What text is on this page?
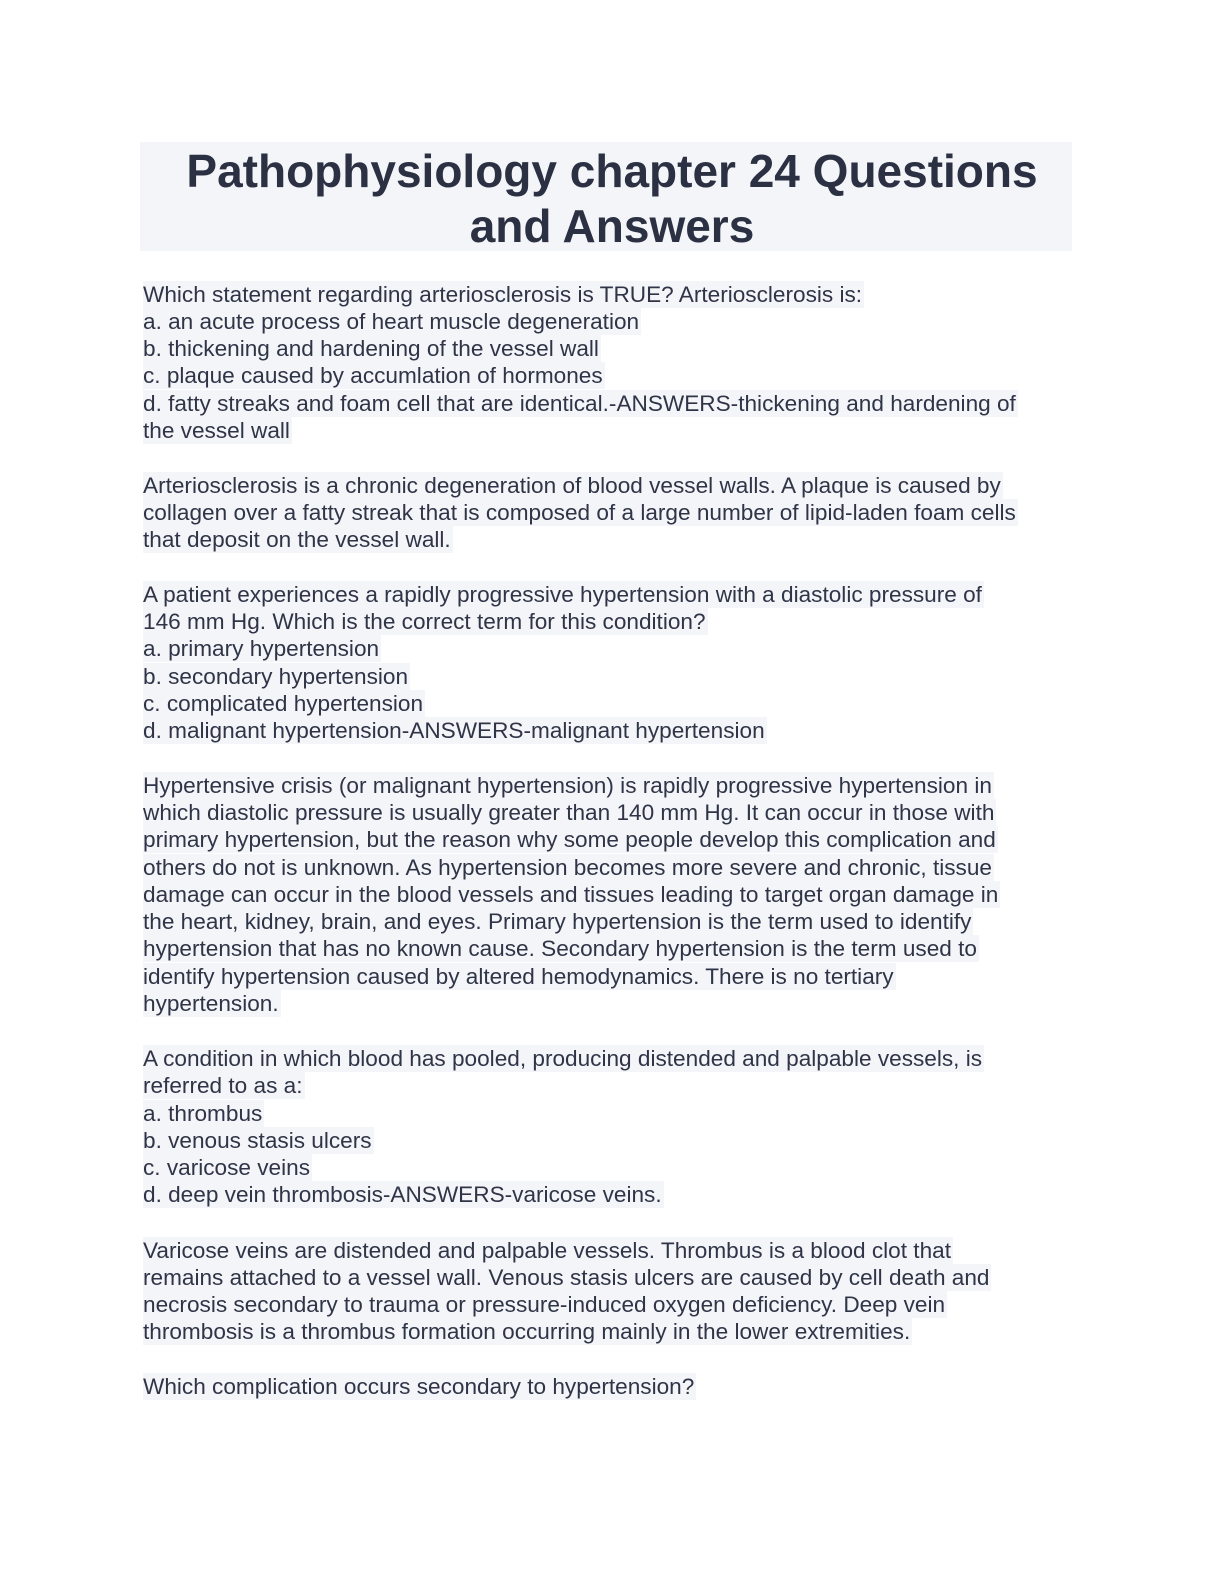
Pathophysiology chapter 24 Questions
and Answers
Which statement regarding arteriosclerosis is TRUE? Arteriosclerosis is:
a. an acute process of heart muscle degeneration
b. thickening and hardening of the vessel wall
c. plaque caused by accumlation of hormones
d. fatty streaks and foam cell that are identical.-ANSWERS-thickening and hardening of
the vessel wall
Arteriosclerosis is a chronic degeneration of blood vessel walls. A plaque is caused by
collagen over a fatty streak that is composed of a large number of lipid-laden foam cells
that deposit on the vessel wall.
A patient experiences a rapidly progressive hypertension with a diastolic pressure of
146 mm Hg. Which is the correct term for this condition?
a. primary hypertension
b. secondary hypertension
c. complicated hypertension
d. malignant hypertension-ANSWERS-malignant hypertension
Hypertensive crisis (or malignant hypertension) is rapidly progressive hypertension in
which diastolic pressure is usually greater than 140 mm Hg. It can occur in those with
primary hypertension, but the reason why some people develop this complication and
others do not is unknown. As hypertension becomes more severe and chronic, tissue
damage can occur in the blood vessels and tissues leading to target organ damage in
the heart, kidney, brain, and eyes. Primary hypertension is the term used to identify
hypertension that has no known cause. Secondary hypertension is the term used to
identify hypertension caused by altered hemodynamics. There is no tertiary
hypertension.
A condition in which blood has pooled, producing distended and palpable vessels, is
referred to as a:
a. thrombus
b. venous stasis ulcers
c. varicose veins
d. deep vein thrombosis-ANSWERS-varicose veins.
Varicose veins are distended and palpable vessels. Thrombus is a blood clot that
remains attached to a vessel wall. Venous stasis ulcers are caused by cell death and
necrosis secondary to trauma or pressure-induced oxygen deficiency. Deep vein
thrombosis is a thrombus formation occurring mainly in the lower extremities.
Which complication occurs secondary to hypertension?
